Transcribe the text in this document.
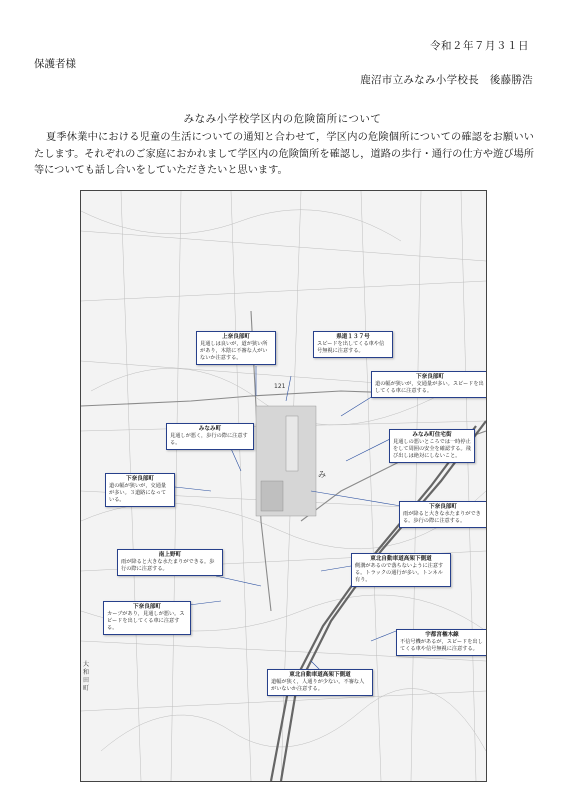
令和２年７月３１日
保護者様
鹿沼市立みなみ小学校長　後藤勝浩
みなみ小学校学区内の危険箇所について
夏季休業中における児童の生活についての通知と合わせて，学区内の危険個所についての確認をお願いいたします。それぞれのご家庭におかれまして学区内の危険箇所を確認し，道路の歩行・通行の仕方や遊び場所等についても話し合いをしていただきたいと思います。
121
み
大和田町
上奈良部町
見通しは良いが，道が狭い所があり，木陰に不審な人がいないか注意する。
県道１３７号
スピードを出してくる車や信号無視に注意する。
下奈良部町
道の幅が狭いが，交通量が多い。スピードを出してくる車に注意する。
みなみ町
見通しが悪く，歩行の際に注意する。
みなみ町住宅街
見通しの悪いところでは一時停止をして周囲の安全を確認する。飛び出しは絶対にしないこと。
下奈良部町
道の幅が狭いが，交通量が多い。３道路になっている。
下奈良部町
雨が降ると大きな水たまりができる。歩行の際に注意する。
南上野町
雨が降ると大きな水たまりができる。歩行の際に注意する。
東北自動車道高架下側道
側溝があるので落ちないように注意する。トラックの通行が多い。トンネル有り。
下奈良部町
カーブがあり，見通しが悪い。スピードを出してくる車に注意する。
宇都宮権木線
不信号機があるが，スピードを出してくる車や信号無視に注意する。
東北自動車道高架下側道
道幅が狭く，人通りが少ない。不審な人がいないか注意する。
